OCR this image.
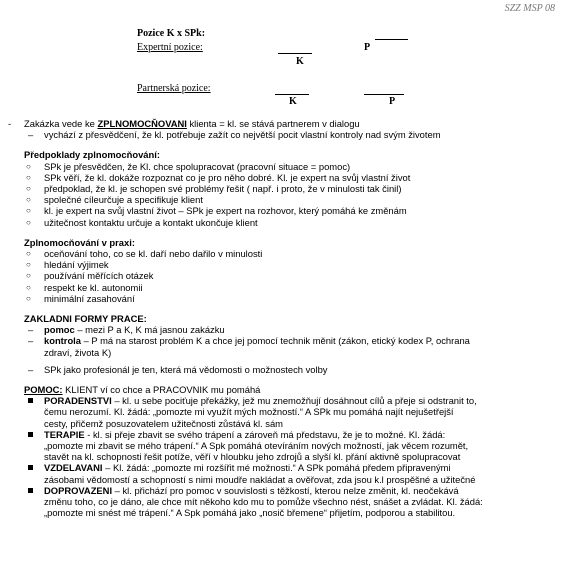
SZZ MSP 08
Pozice K x SPk:
Expertní pozice:	P
K
Partnerská pozice:
K	P
- Zakázka vede ke ZPLNOMOCŇOVANI klienta = kl. se stává partnerem v dialogu
– vychází z přesvědčení, že kl. potřebuje zažít co největší pocit vlastní kontroly nad svým životem
Předpoklady zplnomocňování:
○ SPk je přesvědčen, že Kl. chce spolupracovat (pracovní situace = pomoc)
○ SPk věří, že kl. dokáže rozpoznat co je pro něho dobré. Kl. je expert na svůj vlastní život
○ předpoklad, že kl. je schopen své problémy řešit ( např. i proto, že v minulosti tak činil)
○ společné cíleurčuje a specifikuje klient
○ kl. je expert na svůj vlastní život – SPk je expert na rozhovor, který pomáhá ke změnám
○ užitečnost kontaktu určuje a kontakt ukončuje klient
Zplnomocňování v praxi:
○ oceňování toho, co se kl. daří nebo dařilo v minulosti
○ hledání výjimek
○ používání měřících otázek
○ respekt ke kl. autonomii
○ minimální zasahování
ZAKLADNI FORMY PRACE:
– pomoc – mezi P a K, K má jasnou zakázku
– kontrola – P má na starost problém K a chce jej pomocí technik měnit (zákon, etický kodex P, ochrana
zdraví, života K)
– SPk jako profesionál je ten, která má vědomosti o možnostech volby
POMOC: KLIENT ví co chce a PRACOVNIK mu pomáhá
PORADENSTVI – kl. u sebe pociťuje překážky, jež mu znemožňují dosáhnout cílů a přeje si odstranit to,
čemu nerozumí. Kl. žádá: „pomozte mi využít mých možností.“ A SPk mu pomáhá najít nejušetřejší
cesty, přičemž posuzovatelem užitečnosti zůstává kl. sám
TERAPIE - kl. si přeje zbavit se svého trápení a zároveň má představu, že je to možné. Kl. žádá:
„pomozte mi zbavit se mého trápení.“ A Spk pomáhá otevíráním nových možností, jak věcem rozumět,
stavět na kl. schopnosti řešit potíže, věří v hloubku jeho zdrojů a slyší kl. přání aktivně spolupracovat
VZDELAVANI – Kl. žádá: „pomozte mi rozšířit mé možnosti.“ A SPk pomáhá předem připravenými
zásobami vědomostí a schopností s nimi moudře nakládat a ověřovat, zda jsou k.l prospěšné a užitečné
DOPROVAZENI – kl. přichází pro pomoc v souvislosti s těžkostí, kterou nelze změnit, kl. neočekává
změnu toho, co je dáno, ale chce mít někoho kdo mu to pomůže všechno nést, snášet a zvládat. Kl. žádá:
„pomozte mi snést mé trápení.“ A Spk pomáhá jako „nosič břemene“ přijetím, podporou a stabilitou.
